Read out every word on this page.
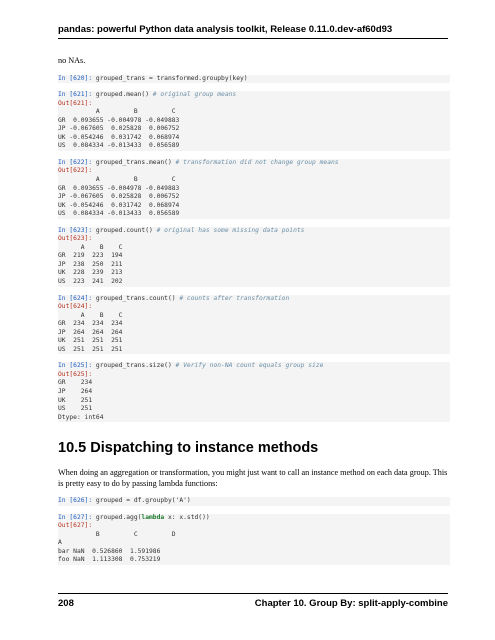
pandas: powerful Python data analysis toolkit, Release 0.11.0.dev-af60d93

no NAs.

In [620]: grouped_trans = transformed.groupby(key)
In [621]: grouped.mean() # original group means
Out[621]:
A         B         C
GR  0.093655 -0.004978 -0.049883
JP -0.067605  0.025828  0.006752
UK -0.054246  0.031742  0.068974
US  0.084334 -0.013433  0.056589
In [622]: grouped_trans.mean() # transformation did not change group means
Out[622]:
A         B         C
GR  0.093655 -0.004978 -0.049883
JP -0.067605  0.025828  0.006752
UK -0.054246  0.031742  0.068974
US  0.084334 -0.013433  0.056589
In [623]: grouped.count() # original has some missing data points
Out[623]:
A    B    C
GR  219  223  194
JP  238  250  211
UK  228  239  213
US  223  241  202
In [624]: grouped_trans.count() # counts after transformation
Out[624]:
A    B    C
GR  234  234  234
JP  264  264  264
UK  251  251  251
US  251  251  251
In [625]: grouped_trans.size() # Verify non-NA count equals group size
Out[625]:
GR    234
JP    264
UK    251
US    251
Dtype: int64
10.5 Dispatching to instance methods

When doing an aggregation or transformation, you might just want to call an instance method on each data group. This is pretty easy to do by passing lambda functions:

In [626]: grouped = df.groupby('A')
In [627]: grouped.agg(lambda x: x.std())
Out[627]:
B         C         D
A
bar NaN  0.526860  1.591986
foo NaN  1.113308  0.753219
208	Chapter 10. Group By: split-apply-combine
